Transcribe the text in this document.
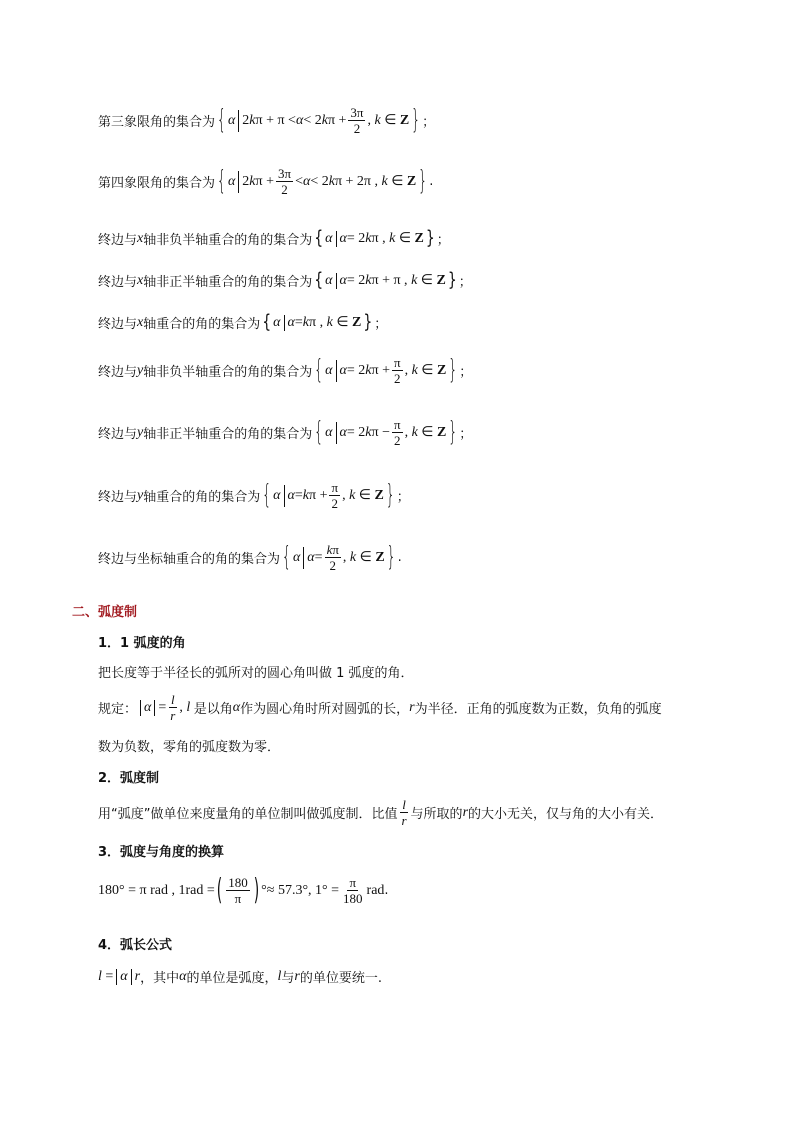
第三象限角的集合为 { α 2 k π + π < α < 2 k $\pi + \frac{3\pi}{2}$ , k ∈ Z } ；
第四象限角的集合为 { α 2 k $\pi + \frac{3\pi}{2} < \alpha < 2$ k π + 2π , k ∈ Z } .
终边与 x 轴非负半轴重合的角的集合为 { α α = 2 k π , k ∈ Z } ；
终边与 x 轴非正半轴重合的角的集合为 { α α = 2 k π + π , k ∈ Z } ；
终边与 x 轴重合的角的集合为 { α α = k π , k ∈ Z } ；
终边与 y 轴非负半轴重合的角的集合为 { α α = 2 k $\pi + \frac{\pi}{2}$ , k ∈ Z } ；
终边与 y 轴非正半轴重合的角的集合为 { α α = 2 k $\pi - \frac{\pi}{2}$ , k ∈ Z } ；
终边与 y 轴重合的角的集合为 { α α = k $\pi + \frac{\pi}{2}$ , k ∈ Z } ；
终边与坐标轴重合的角的集合为 { α $\alpha = \frac{k\pi}{2}$ , k ∈ Z } .
二、弧度制
1．1 弧度的角
把长度等于半径长的弧所对的圆心角叫做 1 弧度的角．
规定： $\alpha = \frac{l}{r}$ , l
是以角 α 作为圆心角时所对圆弧的长， r 为半径．正角的弧度数为正数，负角的弧度
数为负数，零角的弧度数为零．
2．弧度制
用“弧度”做单位来度量角的单位制叫做弧度制．比值 $\frac{l}{r}$ 与所取的 r 的大小无关，仅与角的大小有关．
3．弧度与角度的换算
180° = π rad , 1rad = ( $\frac{180}{\pi}$ ) °≈ 57.3°, $1^\circ = \frac{\pi}{180}$ rad .
4．弧长公式
l = α r ，其中 α 的单位是弧度， l 与 r 的单位要统一.
